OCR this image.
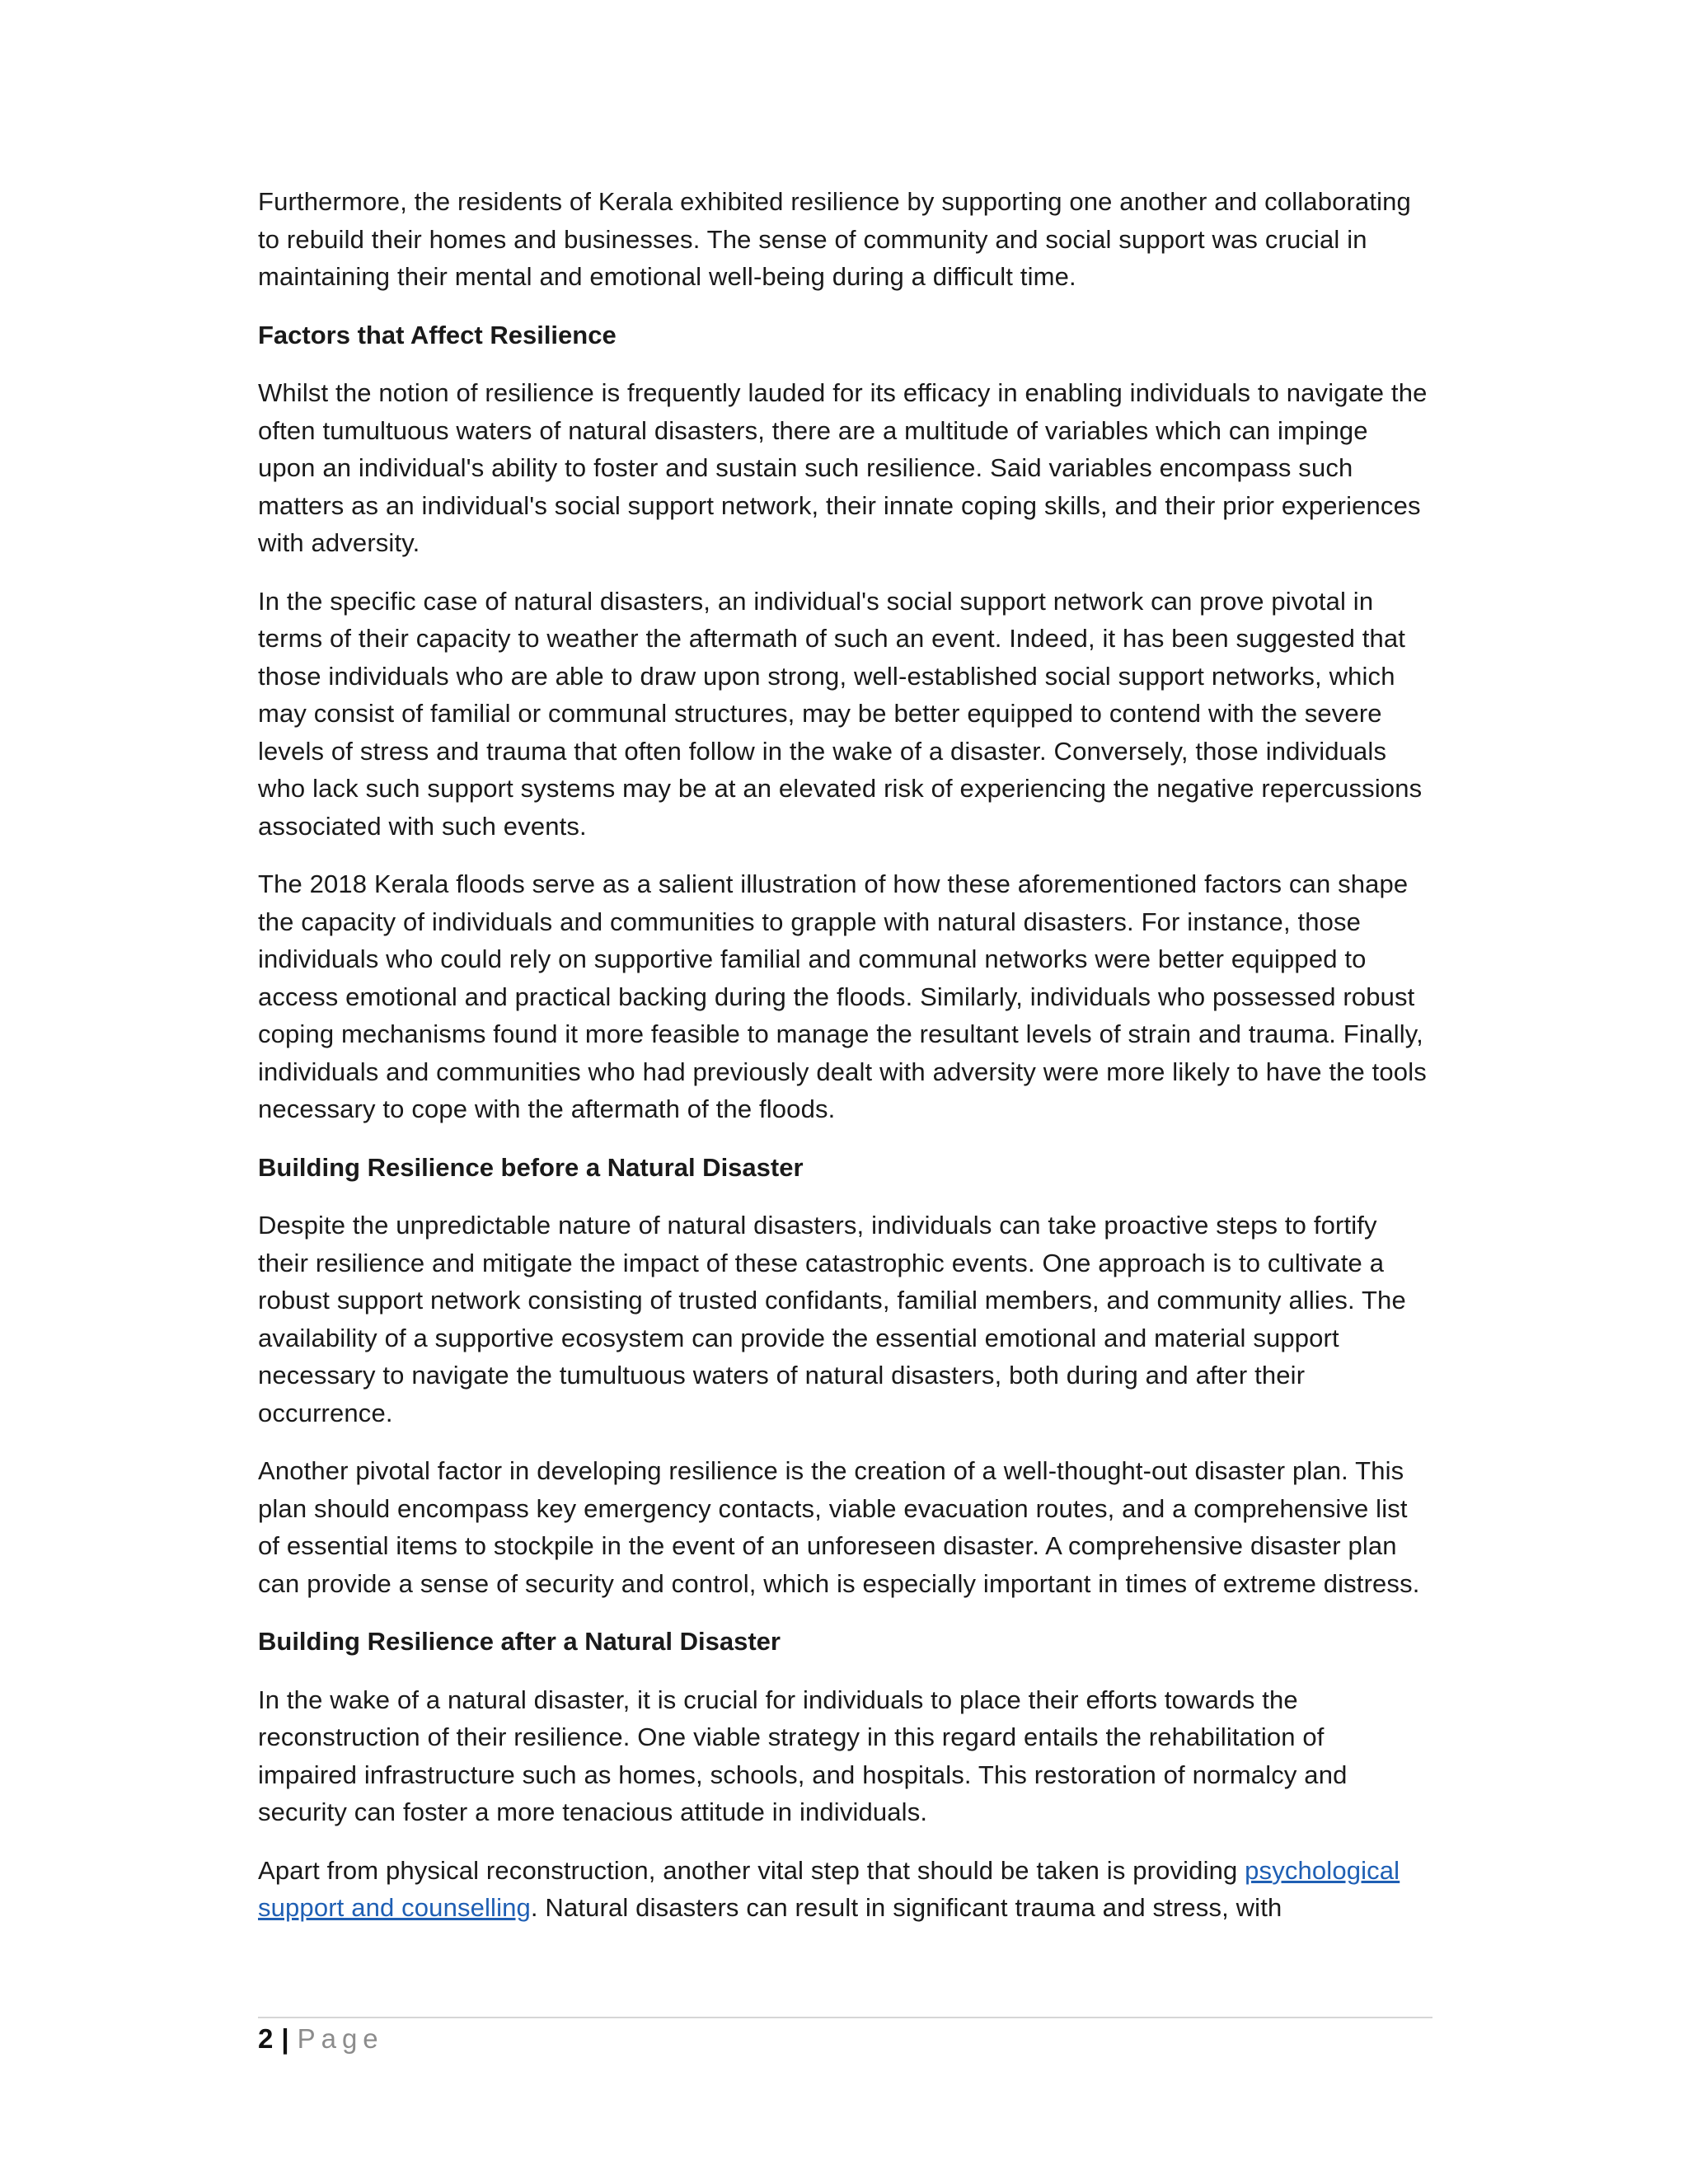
Furthermore, the residents of Kerala exhibited resilience by supporting one another and collaborating to rebuild their homes and businesses. The sense of community and social support was crucial in maintaining their mental and emotional well-being during a difficult time.

Factors that Affect Resilience

Whilst the notion of resilience is frequently lauded for its efficacy in enabling individuals to navigate the often tumultuous waters of natural disasters, there are a multitude of variables which can impinge upon an individual's ability to foster and sustain such resilience. Said variables encompass such matters as an individual's social support network, their innate coping skills, and their prior experiences with adversity.

In the specific case of natural disasters, an individual's social support network can prove pivotal in terms of their capacity to weather the aftermath of such an event. Indeed, it has been suggested that those individuals who are able to draw upon strong, well-established social support networks, which may consist of familial or communal structures, may be better equipped to contend with the severe levels of stress and trauma that often follow in the wake of a disaster. Conversely, those individuals who lack such support systems may be at an elevated risk of experiencing the negative repercussions associated with such events.

The 2018 Kerala floods serve as a salient illustration of how these aforementioned factors can shape the capacity of individuals and communities to grapple with natural disasters. For instance, those individuals who could rely on supportive familial and communal networks were better equipped to access emotional and practical backing during the floods. Similarly, individuals who possessed robust coping mechanisms found it more feasible to manage the resultant levels of strain and trauma. Finally, individuals and communities who had previously dealt with adversity were more likely to have the tools necessary to cope with the aftermath of the floods.

Building Resilience before a Natural Disaster

Despite the unpredictable nature of natural disasters, individuals can take proactive steps to fortify their resilience and mitigate the impact of these catastrophic events. One approach is to cultivate a robust support network consisting of trusted confidants, familial members, and community allies. The availability of a supportive ecosystem can provide the essential emotional and material support necessary to navigate the tumultuous waters of natural disasters, both during and after their occurrence.

Another pivotal factor in developing resilience is the creation of a well-thought-out disaster plan. This plan should encompass key emergency contacts, viable evacuation routes, and a comprehensive list of essential items to stockpile in the event of an unforeseen disaster. A comprehensive disaster plan can provide a sense of security and control, which is especially important in times of extreme distress.

Building Resilience after a Natural Disaster

In the wake of a natural disaster, it is crucial for individuals to place their efforts towards the reconstruction of their resilience. One viable strategy in this regard entails the rehabilitation of impaired infrastructure such as homes, schools, and hospitals. This restoration of normalcy and security can foster a more tenacious attitude in individuals.

Apart from physical reconstruction, another vital step that should be taken is providing psychological support and counselling. Natural disasters can result in significant trauma and stress, with

2 | Page
